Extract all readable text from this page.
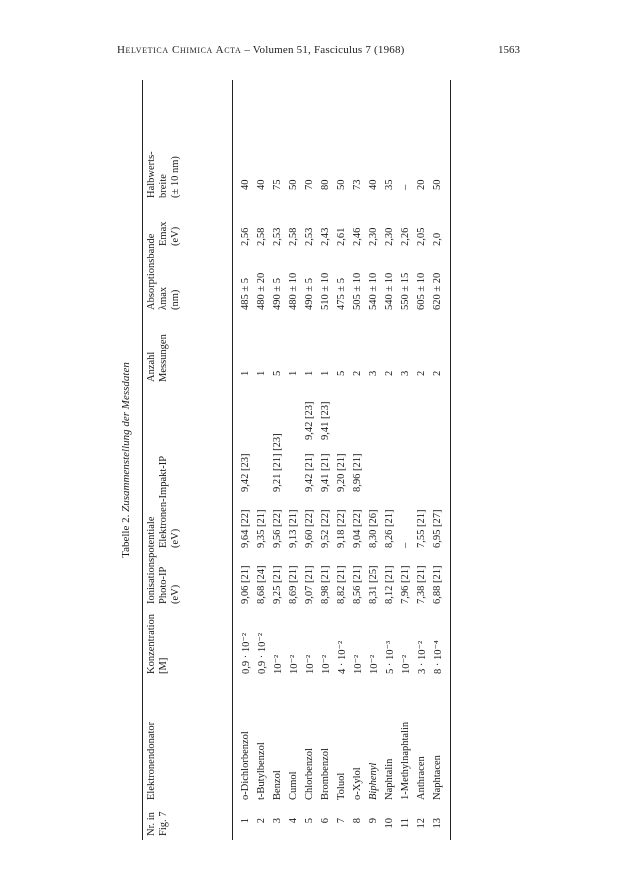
Helvetica Chimica Acta – Volumen 51, Fasciculus 7 (1968)	1563
Tabelle 2. Zusammenstellung der Messdaten
Nr. in Fig. 7
Elektronendonator
Konzentration [M]
Ionisationspotentiale Photo-IP (eV)
Elektronen-Impakt-IP (eV)
Anzahl Messungen
Absorptionsbande λmax (nm)
Emax (eV)
Halbwerts- breite (± 10 nm)
1
o-Dichlorbenzol
0,9 · 10⁻²
9,06 [21]
9,64 [22]
9,42 [23]
1
485 ± 5
2,56
40
2
t-Butylbenzol
0,9 · 10⁻²
8,68 [24]
9,35 [21]
1
480 ± 20
2,58
40
3
Benzol
10⁻²
9,25 [21]
9,56 [22]
9,21 [21] [23]
5
490 ± 5
2,53
75
4
Cumol
10⁻²
8,69 [21]
9,13 [21]
1
480 ± 10
2,58
50
5
Chlorbenzol
10⁻²
9,07 [21]
9,60 [22]
9,42 [21]
9,42 [23]
1
490 ± 5
2,53
70
6
Brombenzol
10⁻²
8,98 [21]
9,52 [22]
9,41 [21]
9,41 [23]
1
510 ± 10
2,43
80
7
Toluol
4 · 10⁻²
8,82 [21]
9,18 [22]
9,20 [21]
5
475 ± 5
2,61
50
8
o-Xylol
10⁻²
8,56 [21]
9,04 [22]
8,96 [21]
2
505 ± 10
2,46
73
9
Biphenyl
10⁻²
8,31 [25]
8,30 [26]
3
540 ± 10
2,30
40
10
Naphtalin
5 · 10⁻³
8,12 [21]
8,26 [21]
2
540 ± 10
2,30
35
11
1-Methylnaphtalin
10⁻²
7,96 [21]
–
3
550 ± 15
2,26
–
12
Anthracen
3 · 10⁻²
7,38 [21]
7,55 [21]
2
605 ± 10
2,05
20
13
Naphtacen
8 · 10⁻⁴
6,88 [21]
6,95 [27]
2
620 ± 20
2,0
50
